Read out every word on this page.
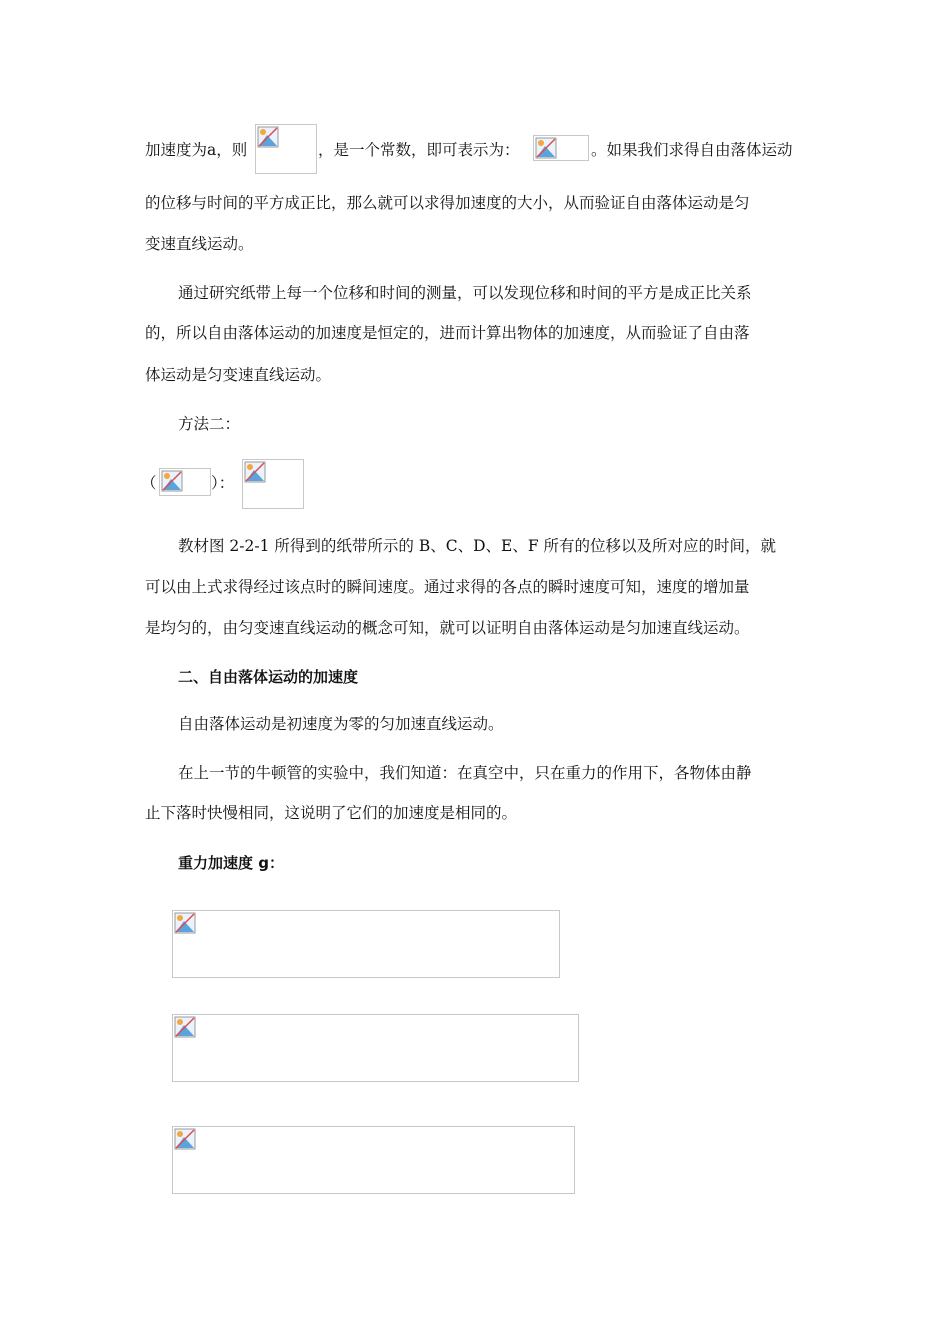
加速度为a，则	，是一个常数，即可表示为：	。如果我们求得自由落体运动
的位移与时间的平方成正比，那么就可以求得加速度的大小，从而验证自由落体运动是匀
变速直线运动。
通过研究纸带上每一个位移和时间的测量，可以发现位移和时间的平方是成正比关系
的，所以自由落体运动的加速度是恒定的，进而计算出物体的加速度，从而验证了自由落
体运动是匀变速直线运动。
方法二：
（	）：
教材图 2-2-1 所得到的纸带所示的 B、C、D、E、F 所有的位移以及所对应的时间，就
可以由上式求得经过该点时的瞬间速度。通过求得的各点的瞬时速度可知，速度的增加量
是均匀的，由匀变速直线运动的概念可知，就可以证明自由落体运动是匀加速直线运动。
二、自由落体运动的加速度
自由落体运动是初速度为零的匀加速直线运动。
在上一节的牛顿管的实验中，我们知道：在真空中，只在重力的作用下，各物体由静
止下落时快慢相同，这说明了它们的加速度是相同的。
重力加速度 g：
